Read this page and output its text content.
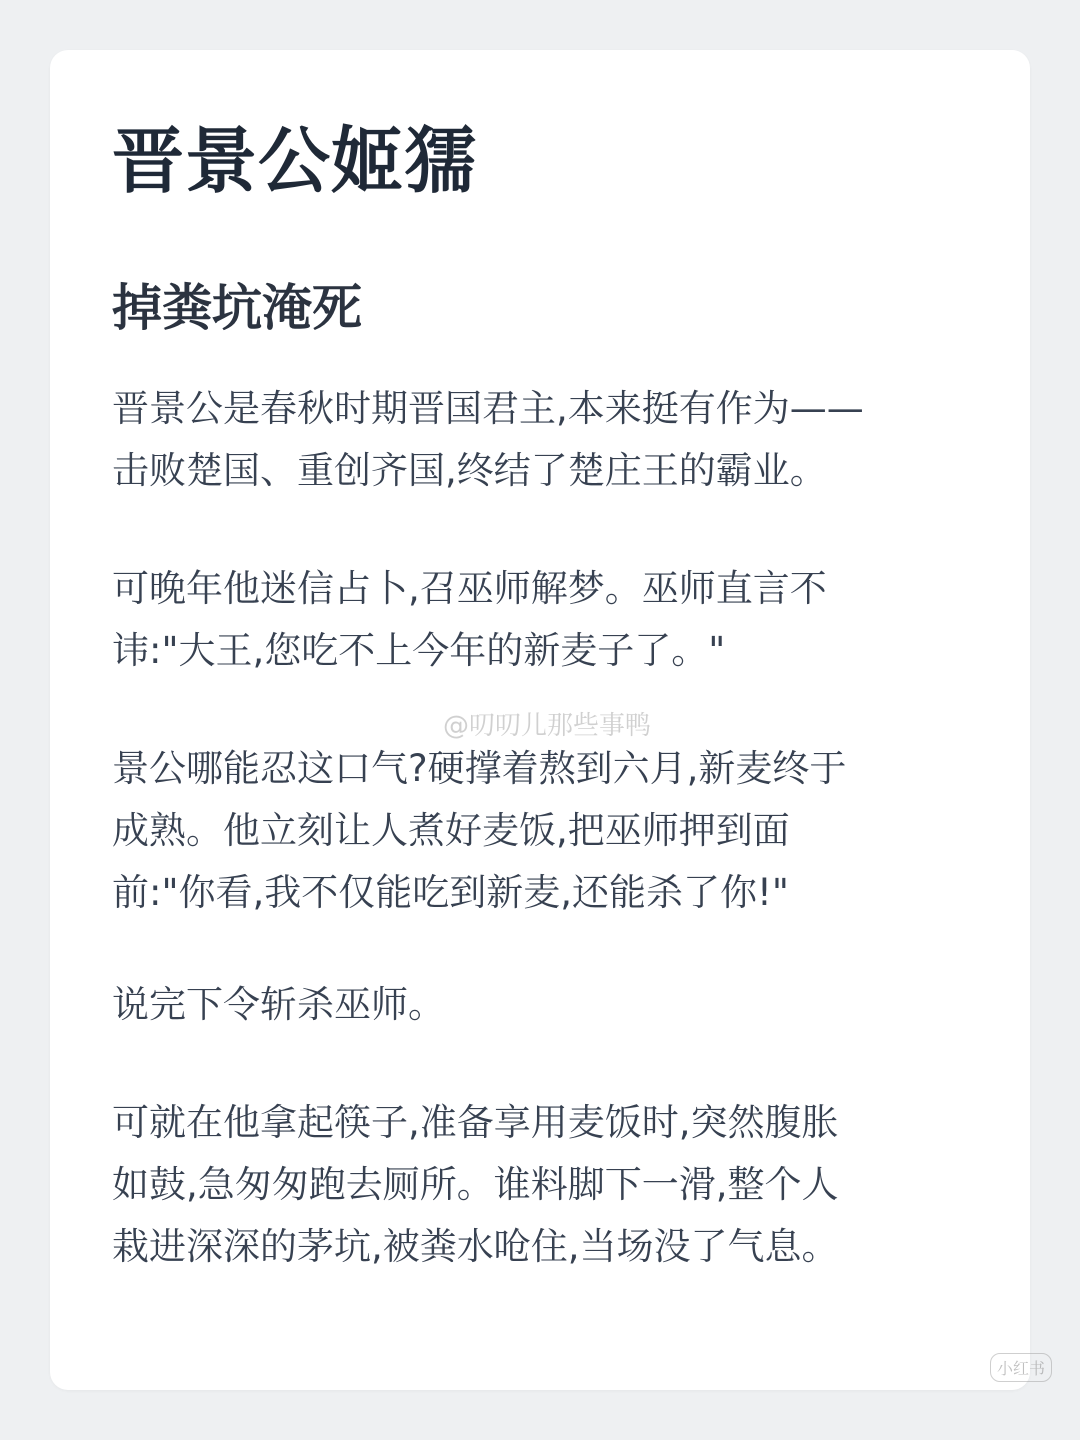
晋景公姬獳
掉粪坑淹死

晋景公是春秋时期晋国君主,本来挺有作为——
击败楚国、重创齐国,终结了楚庄王的霸业。

可晚年他迷信占卜,召巫师解梦。巫师直言不
讳:"大王,您吃不上今年的新麦子了。"

景公哪能忍这口气?硬撑着熬到六月,新麦终于
成熟。他立刻让人煮好麦饭,把巫师押到面
前:"你看,我不仅能吃到新麦,还能杀了你!"

说完下令斩杀巫师。

可就在他拿起筷子,准备享用麦饭时,突然腹胀
如鼓,急匆匆跑去厕所。谁料脚下一滑,整个人
栽进深深的茅坑,被粪水呛住,当场没了气息。

@叨叨儿那些事鸭
小红书
